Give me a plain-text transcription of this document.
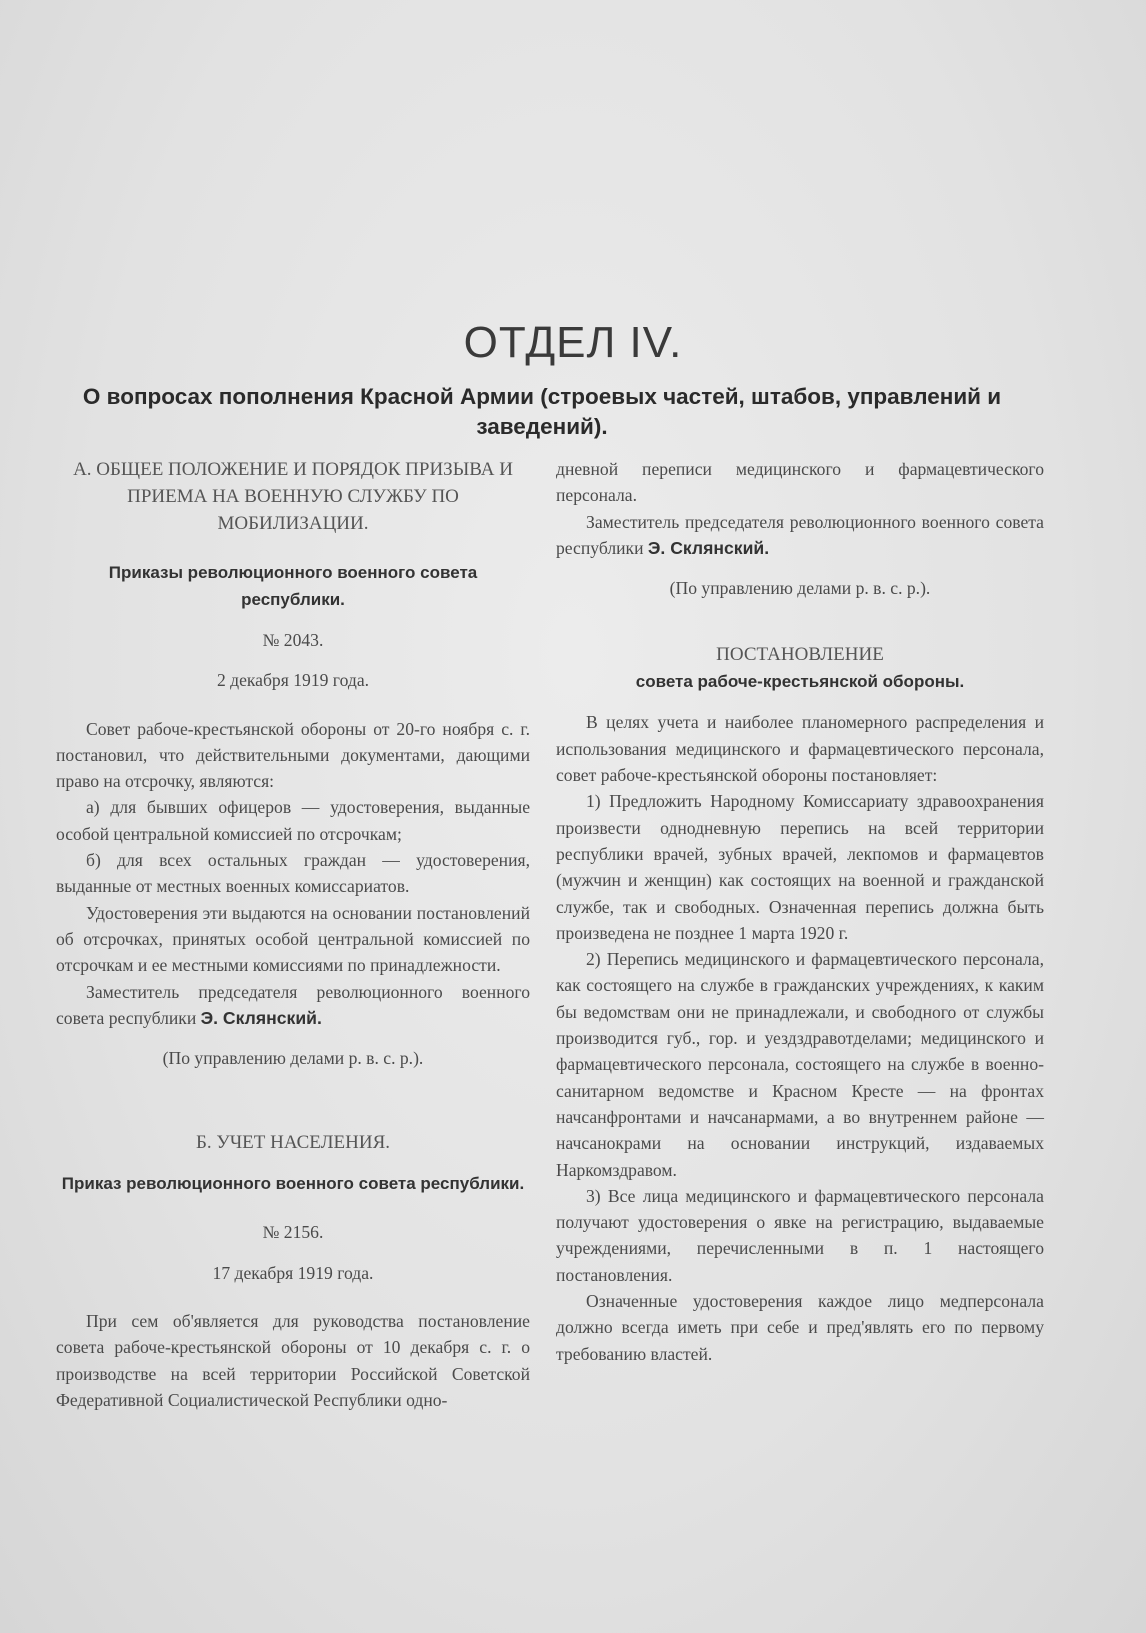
ОТДЕЛ IV.
О вопросах пополнения Красной Армии (строевых частей, штабов, управлений и заведений).
А. ОБЩЕЕ ПОЛОЖЕНИЕ И ПОРЯДОК ПРИЗЫВА И ПРИЕМА НА ВОЕННУЮ СЛУЖБУ ПО МОБИЛИЗАЦИИ.
Приказы революционного военного совета республики.
№ 2043.
2 декабря 1919 года.

Совет рабоче-крестьянской обороны от 20-го ноября с. г. постановил, что действительными документами, дающими право на отсрочку, являются:

а) для бывших офицеров — удостоверения, выданные особой центральной комиссией по отсрочкам;

б) для всех остальных граждан — удостоверения, выданные от местных военных комиссариатов.

Удостоверения эти выдаются на основании постановлений об отсрочках, принятых особой центральной комиссией по отсрочкам и ее местными комиссиями по принадлежности.

Заместитель председателя революционного военного совета республики Э. Склянский.

(По управлению делами р. в. с. р.).
Б. УЧЕТ НАСЕЛЕНИЯ.
Приказ революционного военного совета республики.
№ 2156.
17 декабря 1919 года.

При сем об'является для руководства постановление совета рабоче-крестьянской обороны от 10 декабря с. г. о производстве на всей территории Российской Советской Федеративной Социалистической Республики одно-

дневной переписи медицинского и фармацевтического персонала.

Заместитель председателя революционного военного совета республики Э. Склянский.

(По управлению делами р. в. с. р.).
ПОСТАНОВЛЕНИЕ
совета рабоче-крестьянской обороны.

В целях учета и наиболее планомерного распределения и использования медицинского и фармацевтического персонала, совет рабоче-крестьянской обороны постановляет:

1) Предложить Народному Комиссариату здравоохранения произвести однодневную перепись на всей территории республики врачей, зубных врачей, лекпомов и фармацевтов (мужчин и женщин) как состоящих на военной и гражданской службе, так и свободных. Означенная перепись должна быть произведена не позднее 1 марта 1920 г.

2) Перепись медицинского и фармацевтического персонала, как состоящего на службе в гражданских учреждениях, к каким бы ведомствам они не принадлежали, и свободного от службы производится губ., гор. и уездздравотделами; медицинского и фармацевтического персонала, состоящего на службе в военно-санитарном ведомстве и Красном Кресте — на фронтах начсанфронтами и начсанармами, а во внутреннем районе — начсанокрами на основании инструкций, издаваемых Наркомздравом.

3) Все лица медицинского и фармацевтического персонала получают удостоверения о явке на регистрацию, выдаваемые учреждениями, перечисленными в п. 1 настоящего постановления.

Означенные удостоверения каждое лицо медперсонала должно всегда иметь при себе и пред'являть его по первому требованию властей.
